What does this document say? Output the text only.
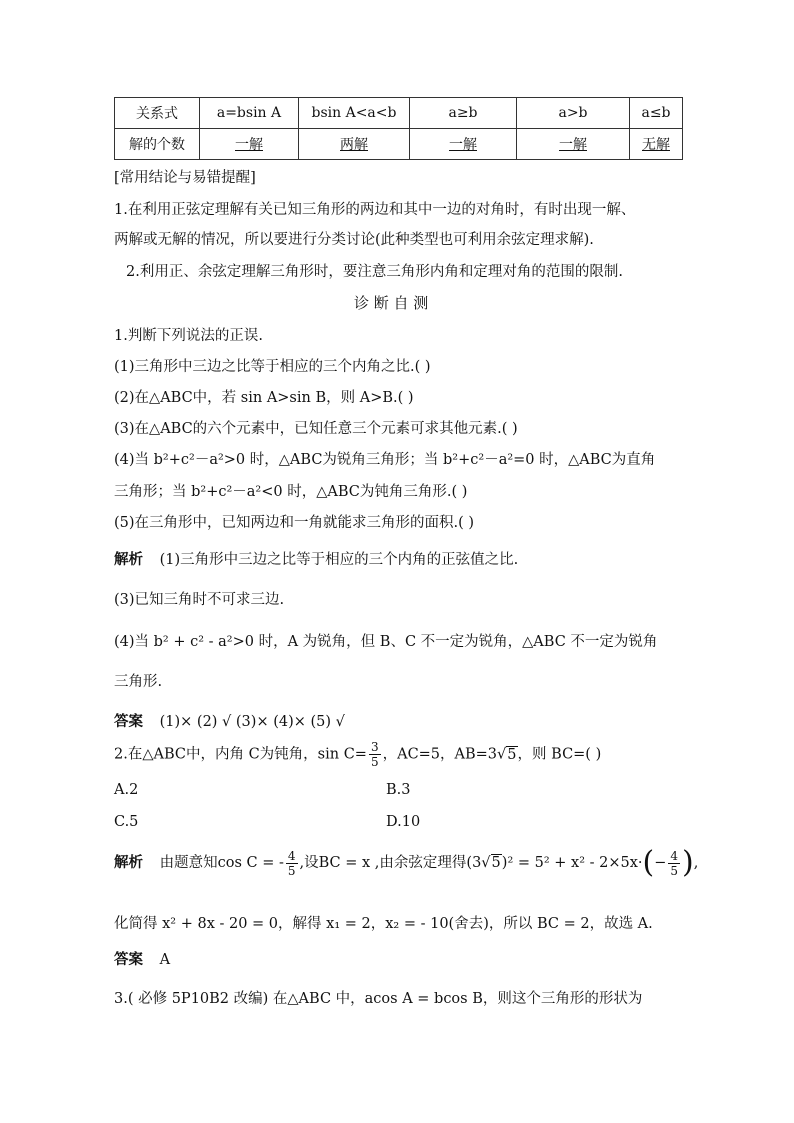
关系式	a=bsin A	bsin A<a<b	a≥b	a>b	a≤b
解的个数	一解	两解	一解	一解	无解
[常用结论与易错提醒]
1.在利用正弦定理解有关已知三角形的两边和其中一边的对角时，有时出现一解、
两解或无解的情况，所以要进行分类讨论(此种类型也可利用余弦定理求解).
2.利用正、余弦定理解三角形时，要注意三角形内角和定理对角的范围的限制.
诊 断 自 测
1.判断下列说法的正误.
(1)三角形中三边之比等于相应的三个内角之比.( )
(2)在△ABC中，若 sin A>sin B，则 A>B.( )
(3)在△ABC的六个元素中，已知任意三个元素可求其他元素.( )
(4)当 b²+c²－a²>0 时，△ABC为锐角三角形；当 b²+c²－a²=0 时，△ABC为直角
三角形；当 b²+c²－a²<0 时，△ABC为钝角三角形.( )
(5)在三角形中，已知两边和一角就能求三角形的面积.( )
解析 (1)三角形中三边之比等于相应的三个内角的正弦值之比.
(3)已知三角时不可求三边.
(4)当 b² + c² - a²>0 时，A 为锐角，但 B、C 不一定为锐角，△ABC 不一定为锐角
三角形.
答案 (1)× (2) √ (3)× (4)× (5) √
2.在△ABC中，内角 C为钝角，$\sin C= \frac{3}{5}$ ，AC=5，AB=3√5，则 BC=( )
A.2	B.3
C.5	D.10
解析 由题意知cos C = - $\frac{4}{5}$ ,设BC = x ,由余弦定理得$(3√5)^2 = 5^2 + x^2 - 2\times 5x\cdot(- \frac{4}{5}$ ),
化简得 x² + 8x - 20 = 0，解得 x₁ = 2，x₂ = - 10(舍去)，所以 BC = 2，故选 A.
答案 A
3.( 必修 5P10B2 改编) 在△ABC 中，acos A = bcos B，则这个三角形的形状为
